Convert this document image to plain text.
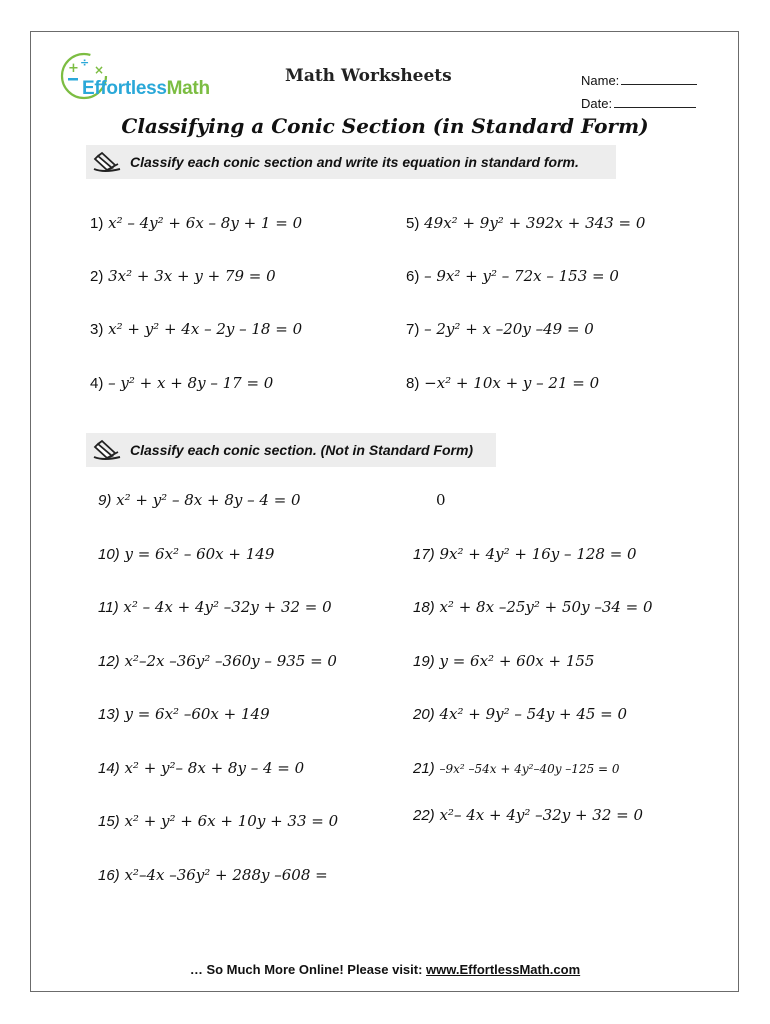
+ ÷
×
EffortlessMath
Math Worksheets	Name:
Date:
Classifying a Conic Section (in Standard Form)
Classify each conic section and write its equation in standard form.
1) x² – 4y² + 6x – 8y + 1 = 0
2) 3x² + 3x + y + 79 = 0
3) x² + y² + 4x – 2y – 18 = 0
4) – y² + x + 8y – 17 = 0
5) 49x² + 9y² + 392x + 343 = 0
6) – 9x² + y² – 72x – 153 = 0
7) – 2y² + x –20y –49 = 0
8) −x² + 10x + y – 21 = 0
Classify each conic section. (Not in Standard Form)
9) x² + y² – 8x + 8y – 4 = 0
10) y = 6x² – 60x + 149
11) x² – 4x + 4y² –32y + 32 = 0
12) x²–2x –36y² –360y – 935 = 0
13) y = 6x² –60x + 149
14) x² + y²– 8x + 8y – 4 = 0
15) x² + y² + 6x + 10y + 33 = 0
16) x²–4x –36y² + 288y –608 =
0
17) 9x² + 4y² + 16y – 128 = 0
18) x² + 8x –25y² + 50y –34 = 0
19) y = 6x² + 60x + 155
20) 4x² + 9y² – 54y + 45 = 0
21) –9x² –54x + 4y²–40y –125 = 0
22) x²– 4x + 4y² –32y + 32 = 0
… So Much More Online! Please visit: www.EffortlessMath.com
